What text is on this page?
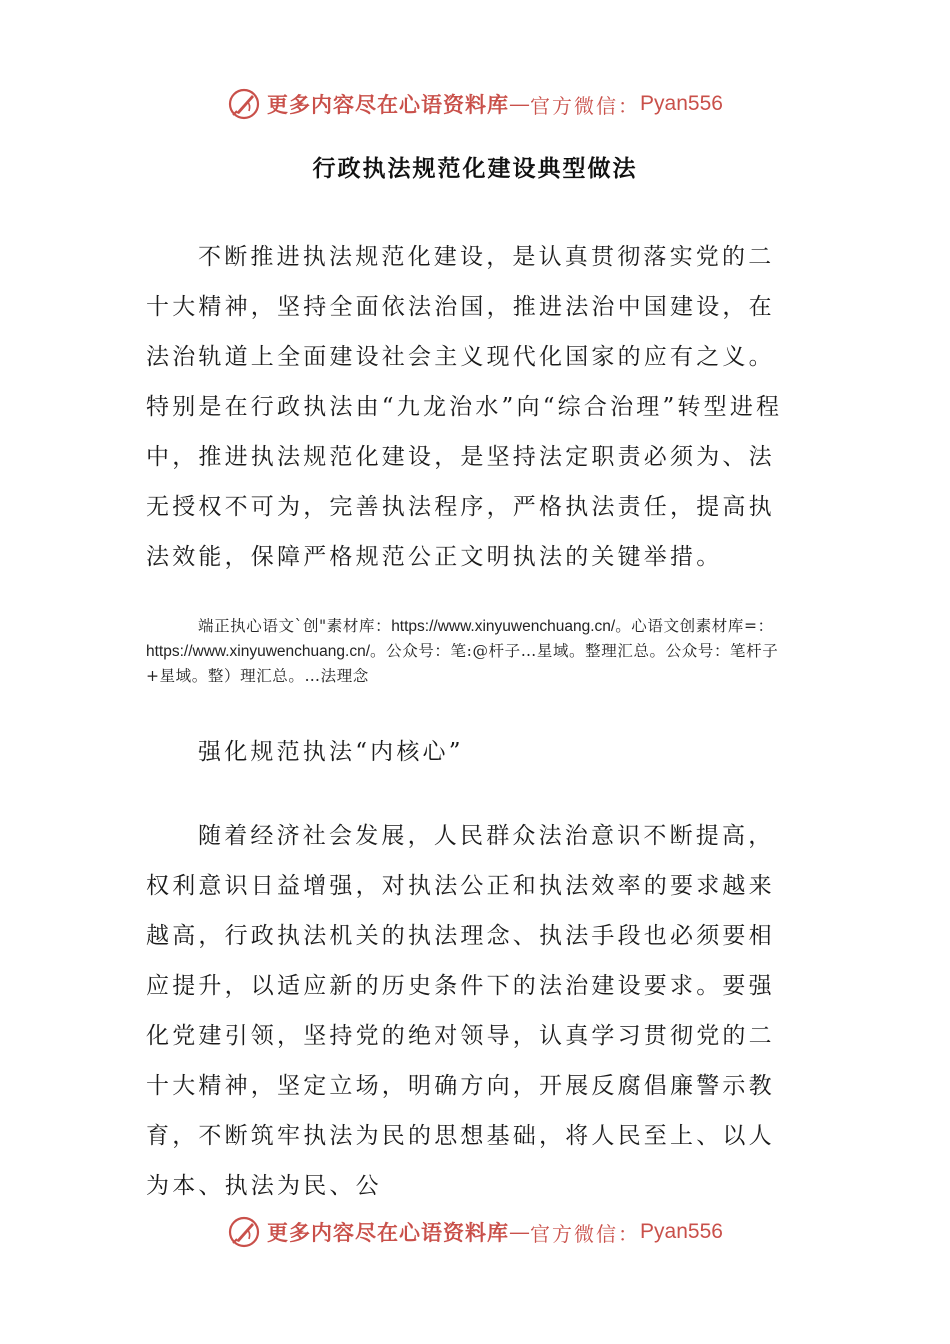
更多内容尽在心语资料库 — 官方微信： Pyan556
行政执法规范化建设典型做法

不断推进执法规范化建设，是认真贯彻落实党的二十大精神，坚持全面依法治国，推进法治中国建设，在法治轨道上全面建设社会主义现代化国家的应有之义。特别是在行政执法由“九龙治水”向“综合治理”转型进程中，推进执法规范化建设，是坚持法定职责必须为、法无授权不可为，完善执法程序，严格执法责任，提高执法效能，保障严格规范公正文明执法的关键举措。

端正执心语文`创"素材库：https://www.xinyuwenchuang.cn/。心语文创素材库=：https://www.xinyuwenchuang.cn/。公众号：笔:@杆子…星域。整理汇总。公众号：笔杆子+星域。整）理汇总。…法理念

强化规范执法“内核心”

随着经济社会发展，人民群众法治意识不断提高，权利意识日益增强，对执法公正和执法效率的要求越来越高，行政执法机关的执法理念、执法手段也必须要相应提升，以适应新的历史条件下的法治建设要求。要强化党建引领，坚持党的绝对领导，认真学习贯彻党的二十大精神，坚定立场，明确方向，开展反腐倡廉警示教育，不断筑牢执法为民的思想基础，将人民至上、以人为本、执法为民、公

更多内容尽在心语资料库 — 官方微信： Pyan556
